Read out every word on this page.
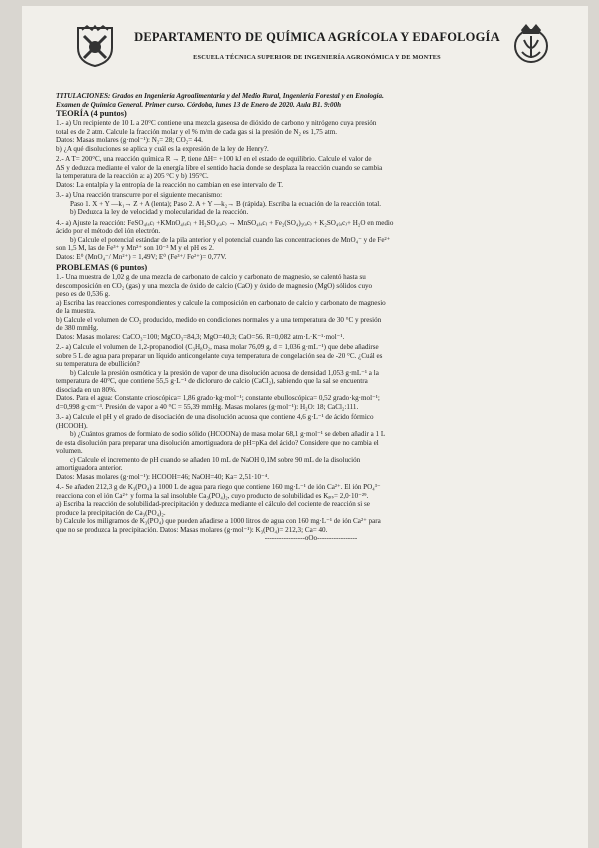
DEPARTAMENTO DE QUÍMICA AGRÍCOLA Y EDAFOLOGÍA
ESCUELA TÉCNICA SUPERIOR DE INGENIERÍA AGRONÓMICA Y DE MONTES

TITULACIONES: Grados en Ingeniería Agroalimentaria y del Medio Rural, Ingeniería Forestal y en Enología.

Examen de Química General. Primer curso. Córdoba, lunes 13 de Enero de 2020. Aula B1. 9:00h

TEORÍA (4 puntos)

1.- a) Un recipiente de 10 L a 20°C contiene una mezcla gaseosa de dióxido de carbono y nitrógeno cuya presión

total es de 2 atm. Calcule la fracción molar y el % m/m de cada gas si la presión de N₂ es 1,75 atm.

Datos: Masas molares (g·mol⁻¹): N₂= 28; CO₂= 44.

b) ¿A qué disoluciones se aplica y cuál es la expresión de la ley de Henry?.

2.- A T= 200°C, una reacción química R → P, tiene ΔH= +100 kJ en el estado de equilibrio. Calcule el valor de

ΔS y deduzca mediante el valor de la energía libre el sentido hacia donde se desplaza la reacción cuando se cambia

la temperatura de la reacción a: a) 205 °C y b) 195°C.

Datos: La entalpía y la entropía de la reacción no cambian en ese intervalo de T.

3.- a) Una reacción transcurre por el siguiente mecanismo:

Paso 1. X + Y —k₁→ Z + A (lenta); Paso 2. A + Y —k₂→ B (rápida). Escriba la ecuación de la reacción total.

b) Deduzca la ley de velocidad y molecularidad de la reacción.

4.- a) Ajuste la reacción: FeSO₄₍ₐc₎ +KMnO₄₍ₐc₎ + H₂SO₄₍ₐc₎ → MnSO₄₍ₐc₎ + Fe₂(SO₄)₃₍ₐc₎ + K₂SO₄₍ₐc₎+ H₂O en medio

ácido por el método del ión electrón.

b) Calcule el potencial estándar de la pila anterior y el potencial cuando las concentraciones de MnO₄⁻ y de Fe²⁺

son 1,5 M, las de Fe³⁺ y Mn²⁺ son 10⁻³ M y el pH es 2.

Datos: E⁰ (MnO₄⁻/ Mn²⁺) = 1,49V; E⁰ (Fe³⁺/ Fe²⁺)= 0,77V.

PROBLEMAS (6 puntos)

1.- Una muestra de 1,02 g de una mezcla de carbonato de calcio y carbonato de magnesio, se calentó hasta su

descomposición en CO₂ (gas) y una mezcla de óxido de calcio (CaO) y óxido de magnesio (MgO) sólidos cuyo

peso es de 0,536 g.

a) Escriba las reacciones correspondientes y calcule la composición en carbonato de calcio y carbonato de magnesio

de la muestra.

b) Calcule el volumen de CO₂ producido, medido en condiciones normales y a una temperatura de 30 °C y presión

de 380 mmHg.

Datos: Masas molares: CaCO₃=100; MgCO₃=84,3; MgO=40,3; CaO=56. R=0,082 atm·L·K⁻¹·mol⁻¹.

2.- a) Calcule el volumen de 1,2-propanodiol (C₃H₈O₂, masa molar 76,09 g, d = 1,036 g·mL⁻¹) que debe añadirse

sobre 5 L de agua para preparar un líquido anticongelante cuya temperatura de congelación sea de -20 °C. ¿Cuál es

su temperatura de ebullición?

b) Calcule la presión osmótica y la presión de vapor de una disolución acuosa de densidad 1,053 g·mL⁻¹ a la

temperatura de 40°C, que contiene 55,5 g·L⁻¹ de dicloruro de calcio (CaCl₂), sabiendo que la sal se encuentra

disociada en un 80%.

Datos. Para el agua: Constante crioscópica= 1,86 grado·kg·mol⁻¹; constante ebulloscópica= 0,52 grado·kg·mol⁻¹;

d=0,998 g·cm⁻³. Presión de vapor a 40 °C = 55,39 mmHg. Masas molares (g·mol⁻¹): H₂O: 18; CaCl₂:111.

3.- a) Calcule el pH y el grado de disociación de una disolución acuosa que contiene 4,6 g·L⁻¹ de ácido fórmico

(HCOOH).

b) ¿Cuántos gramos de formiato de sodio sólido (HCOONa) de masa molar 68,1 g·mol⁻¹ se deben añadir a 1 L

de esta disolución para preparar una disolución amortiguadora de pH=pKa del ácido? Considere que no cambia el

volumen.

c) Calcule el incremento de pH cuando se añaden 10 mL de NaOH 0,1M sobre 90 mL de la disolución

amortiguadora anterior.

Datos: Masas molares (g·mol⁻¹): HCOOH=46; NaOH=40; Ka= 2,51·10⁻⁴.

4.- Se añaden 212,3 g de K₃(PO₄) a 1000 L de agua para riego que contiene 160 mg·L⁻¹ de ión Ca²⁺. El ión PO₄³⁻

reacciona con el ión Ca²⁺ y forma la sal insoluble Ca₃(PO₄)₂, cuyo producto de solubilidad es Kₚₛ= 2,0·10⁻²⁹.

a) Escriba la reacción de solubilidad-precipitación y deduzca mediante el cálculo del cociente de reacción si se

produce la precipitación de Ca₃(PO₄)₂.

b) Calcule los miligramos de K₃(PO₄) que pueden añadirse a 1000 litros de agua con 160 mg·L⁻¹ de ión Ca²⁺ para

que no se produzca la precipitación. Datos: Masas molares (g·mol⁻¹): K₃(PO₄)= 212,3; Ca= 40.

-----------------oOo-----------------
